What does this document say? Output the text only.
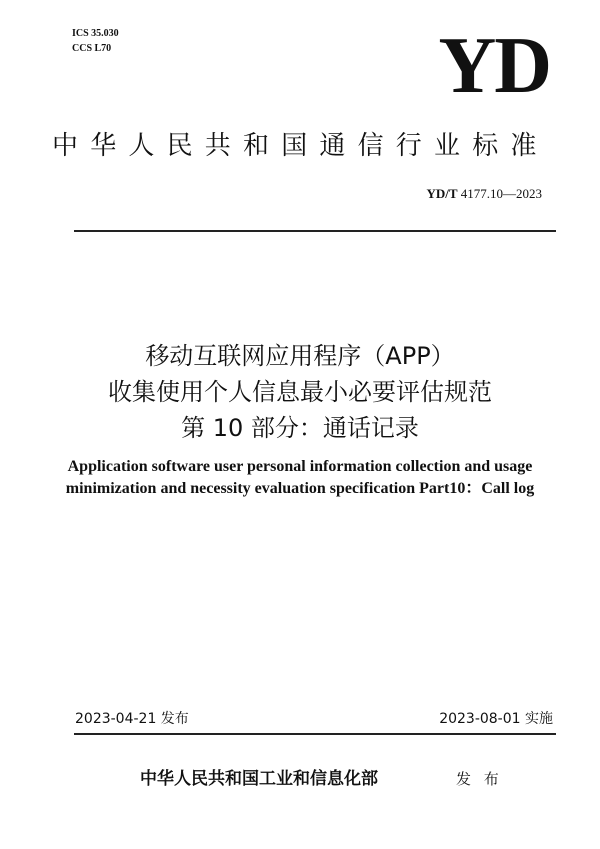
ICS 35.030
CCS L70	YD
中华人民共和国通信行业标准
YD/T 4177.10—2023
移动互联网应用程序（APP）
收集使用个人信息最小必要评估规范
第 10 部分：通话记录
Application software user personal information collection and usage
minimization and necessity evaluation specification Part10：Call log
2023-04-21 发布	2023-08-01 实施
中华人民共和国工业和信息化部	发 布
